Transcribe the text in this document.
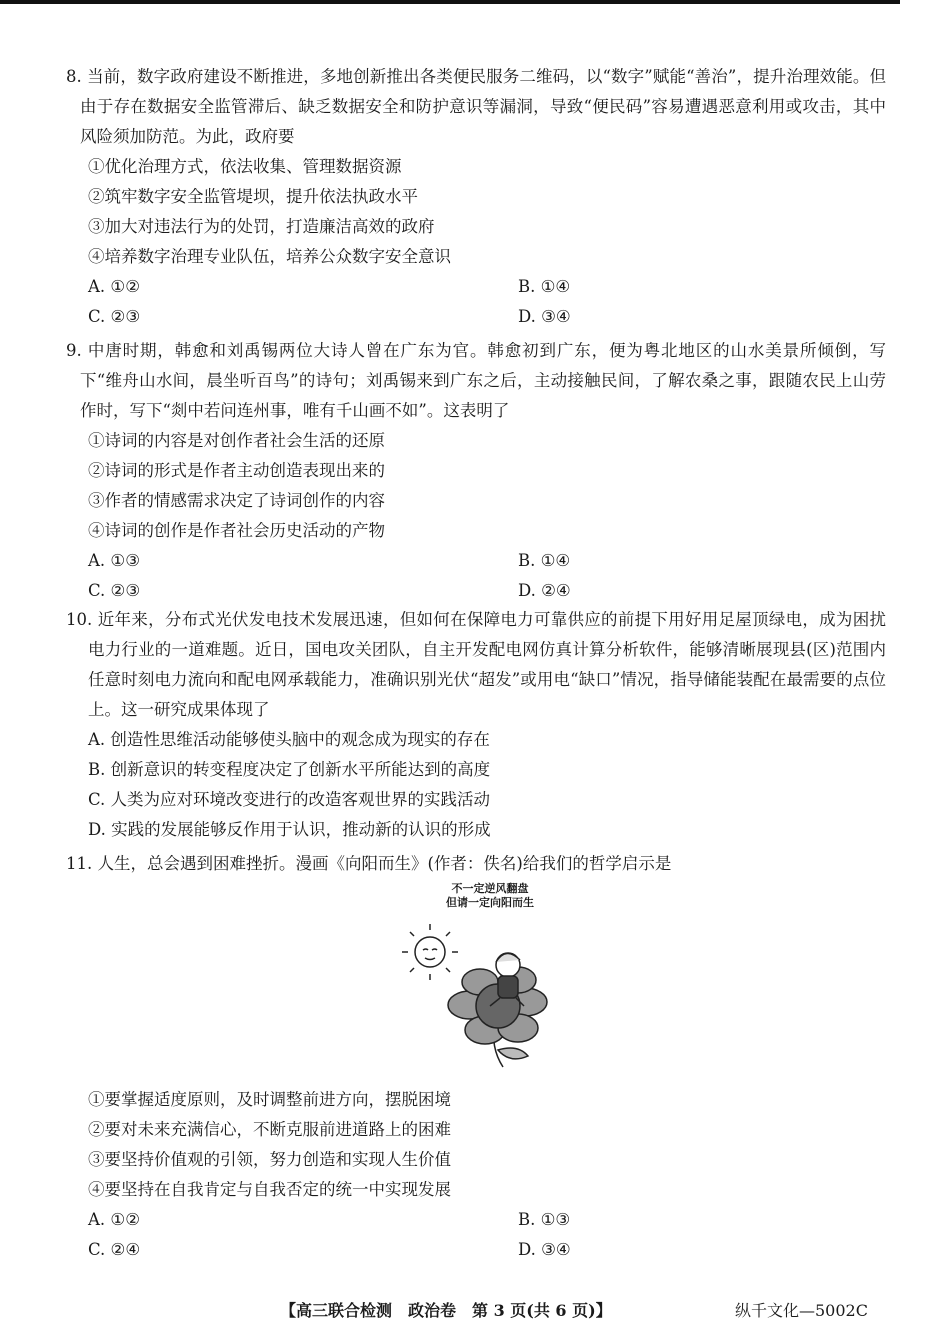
8. 当前，数字政府建设不断推进，多地创新推出各类便民服务二维码，以“数字”赋能“善治”，提升治理效能。但由于存在数据安全监管滞后、缺乏数据安全和防护意识等漏洞，导致“便民码”容易遭遇恶意利用或攻击，其中风险须加防范。为此，政府要
①优化治理方式，依法收集、管理数据资源
②筑牢数字安全监管堤坝，提升依法执政水平
③加大对违法行为的处罚，打造廉洁高效的政府
④培养数字治理专业队伍，培养公众数字安全意识
A. ①②	B. ①④
C. ②③	D. ③④
9. 中唐时期，韩愈和刘禹锡两位大诗人曾在广东为官。韩愈初到广东，便为粤北地区的山水美景所倾倒，写下“维舟山水间，晨坐听百鸟”的诗句；刘禹锡来到广东之后，主动接触民间，了解农桑之事，跟随农民上山劳作时，写下“剡中若问连州事，唯有千山画不如”。这表明了
①诗词的内容是对创作者社会生活的还原
②诗词的形式是作者主动创造表现出来的
③作者的情感需求决定了诗词创作的内容
④诗词的创作是作者社会历史活动的产物
A. ①③	B. ①④
C. ②③	D. ②④
10. 近年来，分布式光伏发电技术发展迅速，但如何在保障电力可靠供应的前提下用好用足屋顶绿电，成为困扰电力行业的一道难题。近日，国电攻关团队，自主开发配电网仿真计算分析软件，能够清晰展现县(区)范围内任意时刻电力流向和配电网承载能力，准确识别光伏“超发”或用电“缺口”情况，指导储能装配在最需要的点位上。这一研究成果体现了
A. 创造性思维活动能够使头脑中的观念成为现实的存在
B. 创新意识的转变程度决定了创新水平所能达到的高度
C. 人类为应对环境改变进行的改造客观世界的实践活动
D. 实践的发展能够反作用于认识，推动新的认识的形成
11. 人生，总会遇到困难挫折。漫画《向阳而生》(作者：佚名)给我们的哲学启示是
不一定逆风翻盘
但请一定向阳而生
①要掌握适度原则，及时调整前进方向，摆脱困境
②要对未来充满信心，不断克服前进道路上的困难
③要坚持价值观的引领，努力创造和实现人生价值
④要坚持在自我肯定与自我否定的统一中实现发展
A. ①②	B. ①③
C. ②④	D. ③④
【高三联合检测　政治卷　第 3 页(共 6 页)】	纵千文化—5002C
